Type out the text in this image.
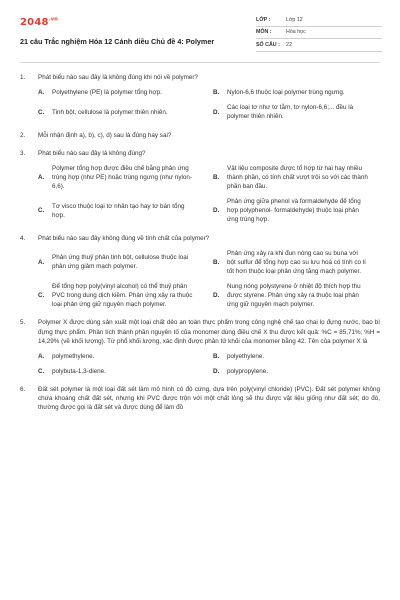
$2048^{.vn}$
21 câu Trắc nghiệm Hóa 12 Cánh diều Chủ đề 4: Polymer
LỚP :	Lớp 12
MÔN :	Hóa học
SỐ CÂU :	22
1.	Phát biểu nào sau đây là không đúng khi nói về polymer?
A.	Polyethylene (PE) là polymer tổng hợp.	B.	Nylon-6,6 thuộc loại polymer trùng ngưng.
C.	Tinh bột, cellulose là polymer thiên nhiên.	D.
Các loại tơ như tơ tằm, tơ nylon-6,6;... đều là polymer thiên nhiên.
2.	Mỗi nhận định a), b), c), d) sau là đúng hay sai?
3.	Phát biểu nào sau đây là không đúng?
A.
Polymer tổng hợp được điều chế bằng phản ứng trùng hợp (như PE) hoặc trùng ngưng (như nylon-6,6).
B.
Vật liệu composite được tổ hợp từ hai hay nhiều thành phần, có tính chất vượt trội so với các thành phần ban đầu.
C.
Tơ visco thuộc loại tơ nhân tạo hay tơ bán tổng hợp.
D.
Phản ứng giữa phenol và formaldehyde để tổng hợp polyphenol- formaldehyde) thuộc loại phản ứng trùng hợp.
4.	Phát biểu nào sau đây không đúng về tính chất của polymer?
A.
Phản ứng thuỷ phân tinh bột, cellulose thuộc loại phản ứng giảm mạch polymer.
B.
Phản ứng xảy ra khi đun nóng cao su buna với bột sulfur để tổng hợp cao su lưu hoá có tính co lí tốt hơn thuộc loại phản ứng tăng mạch polymer.
C.
Để tổng hợp poly(vinyl alcohol) có thể thuỷ phân PVC trong dung dịch kiềm. Phản ứng xảy ra thuộc loại phản ứng giữ nguyên mạch polymer.
D.
Nung nóng polystyrene ở nhiệt độ thích hợp thu được styrene. Phản ứng xảy ra thuộc loại phản ứng giữ nguyên mạch polymer.
5.	Polymer X được dùng sản xuất một loại chất dẻo an toàn thực phẩm trong công nghệ chế tạo chai lọ đựng nước, bao bì đựng thực phẩm. Phân tích thành phần nguyên tố của monomer dùng điều chế X thu được kết quả: %C = 85,71%; %H = 14,29% (về khối lượng). Từ phổ khối lượng, xác định được phân tử khối của monomer bằng 42. Tên của polymer X là
A.	polymethylene.	B.	polyethylene.
C.	polybuta-1,3-diene.	D.	polypropylene.
6.	Đất sét polymer là một loại đất sét làm mô hình có độ cứng, dựa trên poly(vinyl chloride) (PVC). Đất sét polymer không chứa khoáng chất đất sét, nhưng khi PVC được trộn với một chất lỏng sẽ thu được vật liệu giống như đất sét; do đó, thường được gọi là đất sét và được dùng để làm đồ
